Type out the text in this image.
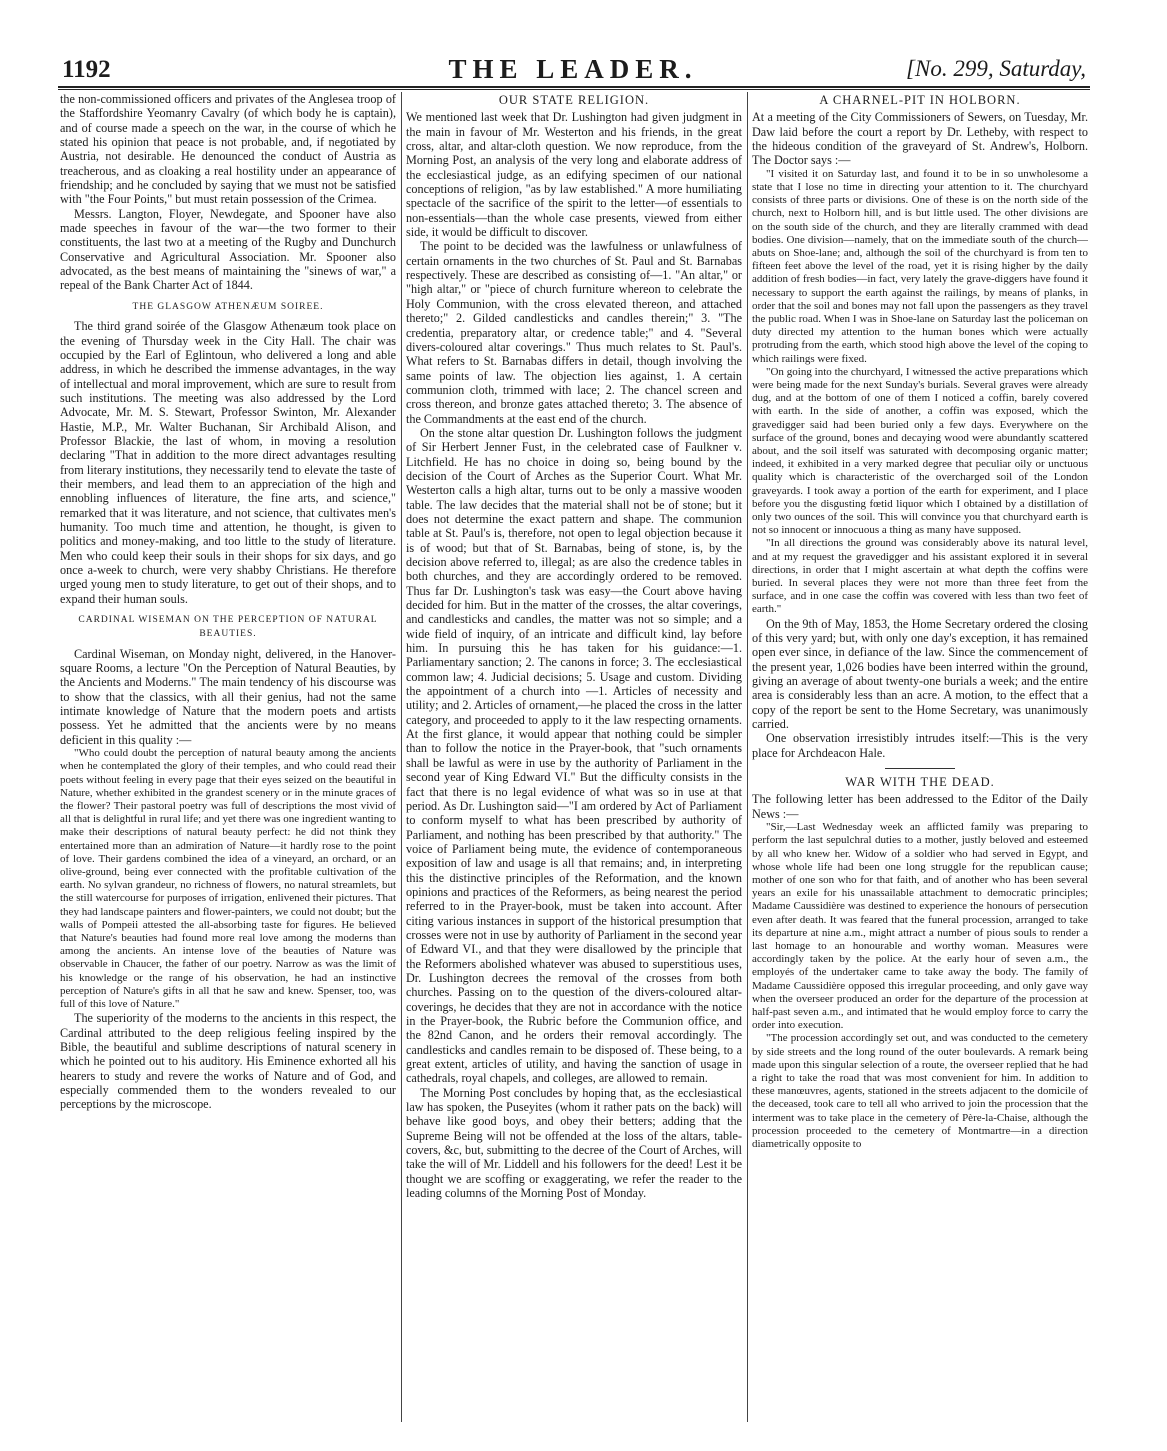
1192	THE LEADER.	[No. 299, Saturday,

the non-commissioned officers and privates of the Anglesea troop of the Staffordshire Yeomanry Cavalry (of which body he is captain), and of course made a speech on the war, in the course of which he stated his opinion that peace is not probable, and, if negotiated by Austria, not desirable. He denounced the conduct of Austria as treacherous, and as cloaking a real hostility under an appearance of friendship; and he concluded by saying that we must not be satisfied with "the Four Points," but must retain possession of the Crimea.

Messrs. Langton, Floyer, Newdegate, and Spooner have also made speeches in favour of the war—the two former to their constituents, the last two at a meeting of the Rugby and Dunchurch Conservative and Agricultural Association. Mr. Spooner also advocated, as the best means of maintaining the "sinews of war," a repeal of the Bank Charter Act of 1844.

THE GLASGOW ATHENÆUM SOIREE.

The third grand soirée of the Glasgow Athenæum took place on the evening of Thursday week in the City Hall. The chair was occupied by the Earl of Eglintoun, who delivered a long and able address, in which he described the immense advantages, in the way of intellectual and moral improvement, which are sure to result from such institutions. The meeting was also addressed by the Lord Advocate, Mr. M. S. Stewart, Professor Swinton, Mr. Alexander Hastie, M.P., Mr. Walter Buchanan, Sir Archibald Alison, and Professor Blackie, the last of whom, in moving a resolution declaring "That in addition to the more direct advantages resulting from literary institutions, they necessarily tend to elevate the taste of their members, and lead them to an appreciation of the high and ennobling influences of literature, the fine arts, and science," remarked that it was literature, and not science, that cultivates men's humanity. Too much time and attention, he thought, is given to politics and money-making, and too little to the study of literature. Men who could keep their souls in their shops for six days, and go once a-week to church, were very shabby Christians. He therefore urged young men to study literature, to get out of their shops, and to expand their human souls.

CARDINAL WISEMAN ON THE PERCEPTION OF NATURAL BEAUTIES.

Cardinal Wiseman, on Monday night, delivered, in the Hanover-square Rooms, a lecture "On the Perception of Natural Beauties, by the Ancients and Moderns." The main tendency of his discourse was to show that the classics, with all their genius, had not the same intimate knowledge of Nature that the modern poets and artists possess. Yet he admitted that the ancients were by no means deficient in this quality :—

"Who could doubt the perception of natural beauty among the ancients when he contemplated the glory of their temples, and who could read their poets without feeling in every page that their eyes seized on the beautiful in Nature, whether exhibited in the grandest scenery or in the minute graces of the flower? Their pastoral poetry was full of descriptions the most vivid of all that is delightful in rural life; and yet there was one ingredient wanting to make their descriptions of natural beauty perfect: he did not think they entertained more than an admiration of Nature—it hardly rose to the point of love. Their gardens combined the idea of a vineyard, an orchard, or an olive-ground, being ever connected with the profitable cultivation of the earth. No sylvan grandeur, no richness of flowers, no natural streamlets, but the still watercourse for purposes of irrigation, enlivened their pictures. That they had landscape painters and flower-painters, we could not doubt; but the walls of Pompeii attested the all-absorbing taste for figures. He believed that Nature's beauties had found more real love among the moderns than among the ancients. An intense love of the beauties of Nature was observable in Chaucer, the father of our poetry. Narrow as was the limit of his knowledge or the range of his observation, he had an instinctive perception of Nature's gifts in all that he saw and knew. Spenser, too, was full of this love of Nature."

The superiority of the moderns to the ancients in this respect, the Cardinal attributed to the deep religious feeling inspired by the Bible, the beautiful and sublime descriptions of natural scenery in which he pointed out to his auditory. His Eminence exhorted all his hearers to study and revere the works of Nature and of God, and especially commended them to the wonders revealed to our perceptions by the microscope.

OUR STATE RELIGION.

We mentioned last week that Dr. Lushington had given judgment in the main in favour of Mr. Westerton and his friends, in the great cross, altar, and altar-cloth question. We now reproduce, from the Morning Post, an analysis of the very long and elaborate address of the ecclesiastical judge, as an edifying specimen of our national conceptions of religion, "as by law established." A more humiliating spectacle of the sacrifice of the spirit to the letter—of essentials to non-essentials—than the whole case presents, viewed from either side, it would be difficult to discover.

The point to be decided was the lawfulness or unlawfulness of certain ornaments in the two churches of St. Paul and St. Barnabas respectively. These are described as consisting of—1. "An altar," or "high altar," or "piece of church furniture whereon to celebrate the Holy Communion, with the cross elevated thereon, and attached thereto;" 2. Gilded candlesticks and candles therein;" 3. "The credentia, preparatory altar, or credence table;" and 4. "Several divers-coloured altar coverings." Thus much relates to St. Paul's. What refers to St. Barnabas differs in detail, though involving the same points of law. The objection lies against, 1. A certain communion cloth, trimmed with lace; 2. The chancel screen and cross thereon, and bronze gates attached thereto; 3. The absence of the Commandments at the east end of the church.

On the stone altar question Dr. Lushington follows the judgment of Sir Herbert Jenner Fust, in the celebrated case of Faulkner v. Litchfield. He has no choice in doing so, being bound by the decision of the Court of Arches as the Superior Court. What Mr. Westerton calls a high altar, turns out to be only a massive wooden table. The law decides that the material shall not be of stone; but it does not determine the exact pattern and shape. The communion table at St. Paul's is, therefore, not open to legal objection because it is of wood; but that of St. Barnabas, being of stone, is, by the decision above referred to, illegal; as are also the credence tables in both churches, and they are accordingly ordered to be removed. Thus far Dr. Lushington's task was easy—the Court above having decided for him. But in the matter of the crosses, the altar coverings, and candlesticks and candles, the matter was not so simple; and a wide field of inquiry, of an intricate and difficult kind, lay before him. In pursuing this he has taken for his guidance:—1. Parliamentary sanction; 2. The canons in force; 3. The ecclesiastical common law; 4. Judicial decisions; 5. Usage and custom. Dividing the appointment of a church into —1. Articles of necessity and utility; and 2. Articles of ornament,—he placed the cross in the latter category, and proceeded to apply to it the law respecting ornaments. At the first glance, it would appear that nothing could be simpler than to follow the notice in the Prayer-book, that "such ornaments shall be lawful as were in use by the authority of Parliament in the second year of King Edward VI." But the difficulty consists in the fact that there is no legal evidence of what was so in use at that period. As Dr. Lushington said—"I am ordered by Act of Parliament to conform myself to what has been prescribed by authority of Parliament, and nothing has been prescribed by that authority." The voice of Parliament being mute, the evidence of contemporaneous exposition of law and usage is all that remains; and, in interpreting this the distinctive principles of the Reformation, and the known opinions and practices of the Reformers, as being nearest the period referred to in the Prayer-book, must be taken into account. After citing various instances in support of the historical presumption that crosses were not in use by authority of Parliament in the second year of Edward VI., and that they were disallowed by the principle that the Reformers abolished whatever was abused to superstitious uses, Dr. Lushington decrees the removal of the crosses from both churches. Passing on to the question of the divers-coloured altar-coverings, he decides that they are not in accordance with the notice in the Prayer-book, the Rubric before the Communion office, and the 82nd Canon, and he orders their removal accordingly. The candlesticks and candles remain to be disposed of. These being, to a great extent, articles of utility, and having the sanction of usage in cathedrals, royal chapels, and colleges, are allowed to remain.

The Morning Post concludes by hoping that, as the ecclesiastical law has spoken, the Puseyites (whom it rather pats on the back) will behave like good boys, and obey their betters; adding that the Supreme Being will not be offended at the loss of the altars, table-covers, &c, but, submitting to the decree of the Court of Arches, will take the will of Mr. Liddell and his followers for the deed! Lest it be thought we are scoffing or exaggerating, we refer the reader to the leading columns of the Morning Post of Monday.

A CHARNEL-PIT IN HOLBORN.

At a meeting of the City Commissioners of Sewers, on Tuesday, Mr. Daw laid before the court a report by Dr. Letheby, with respect to the hideous condition of the graveyard of St. Andrew's, Holborn. The Doctor says :—

"I visited it on Saturday last, and found it to be in so unwholesome a state that I lose no time in directing your attention to it. The churchyard consists of three parts or divisions. One of these is on the north side of the church, next to Holborn hill, and is but little used. The other divisions are on the south side of the church, and they are literally crammed with dead bodies. One division—namely, that on the immediate south of the church—abuts on Shoe-lane; and, although the soil of the churchyard is from ten to fifteen feet above the level of the road, yet it is rising higher by the daily addition of fresh bodies—in fact, very lately the grave-diggers have found it necessary to support the earth against the railings, by means of planks, in order that the soil and bones may not fall upon the passengers as they travel the public road. When I was in Shoe-lane on Saturday last the policeman on duty directed my attention to the human bones which were actually protruding from the earth, which stood high above the level of the coping to which railings were fixed.

"On going into the churchyard, I witnessed the active preparations which were being made for the next Sunday's burials. Several graves were already dug, and at the bottom of one of them I noticed a coffin, barely covered with earth. In the side of another, a coffin was exposed, which the gravedigger said had been buried only a few days. Everywhere on the surface of the ground, bones and decaying wood were abundantly scattered about, and the soil itself was saturated with decomposing organic matter; indeed, it exhibited in a very marked degree that peculiar oily or unctuous quality which is characteristic of the overcharged soil of the London graveyards. I took away a portion of the earth for experiment, and I place before you the disgusting fœtid liquor which I obtained by a distillation of only two ounces of the soil. This will convince you that churchyard earth is not so innocent or innocuous a thing as many have supposed.

"In all directions the ground was considerably above its natural level, and at my request the gravedigger and his assistant explored it in several directions, in order that I might ascertain at what depth the coffins were buried. In several places they were not more than three feet from the surface, and in one case the coffin was covered with less than two feet of earth."

On the 9th of May, 1853, the Home Secretary ordered the closing of this very yard; but, with only one day's exception, it has remained open ever since, in defiance of the law. Since the commencement of the present year, 1,026 bodies have been interred within the ground, giving an average of about twenty-one burials a week; and the entire area is considerably less than an acre. A motion, to the effect that a copy of the report be sent to the Home Secretary, was unanimously carried.

One observation irresistibly intrudes itself:—This is the very place for Archdeacon Hale.

WAR WITH THE DEAD.

The following letter has been addressed to the Editor of the Daily News :—

"Sir,—Last Wednesday week an afflicted family was preparing to perform the last sepulchral duties to a mother, justly beloved and esteemed by all who knew her. Widow of a soldier who had served in Egypt, and whose whole life had been one long struggle for the republican cause; mother of one son who for that faith, and of another who has been several years an exile for his unassailable attachment to democratic principles; Madame Caussidière was destined to experience the honours of persecution even after death. It was feared that the funeral procession, arranged to take its departure at nine a.m., might attract a number of pious souls to render a last homage to an honourable and worthy woman. Measures were accordingly taken by the police. At the early hour of seven a.m., the employés of the undertaker came to take away the body. The family of Madame Caussidière opposed this irregular proceeding, and only gave way when the overseer produced an order for the departure of the procession at half-past seven a.m., and intimated that he would employ force to carry the order into execution.

"The procession accordingly set out, and was conducted to the cemetery by side streets and the long round of the outer boulevards. A remark being made upon this singular selection of a route, the overseer replied that he had a right to take the road that was most convenient for him. In addition to these manœuvres, agents, stationed in the streets adjacent to the domicile of the deceased, took care to tell all who arrived to join the procession that the interment was to take place in the cemetery of Père-la-Chaise, although the procession proceeded to the cemetery of Montmartre—in a direction diametrically opposite to
